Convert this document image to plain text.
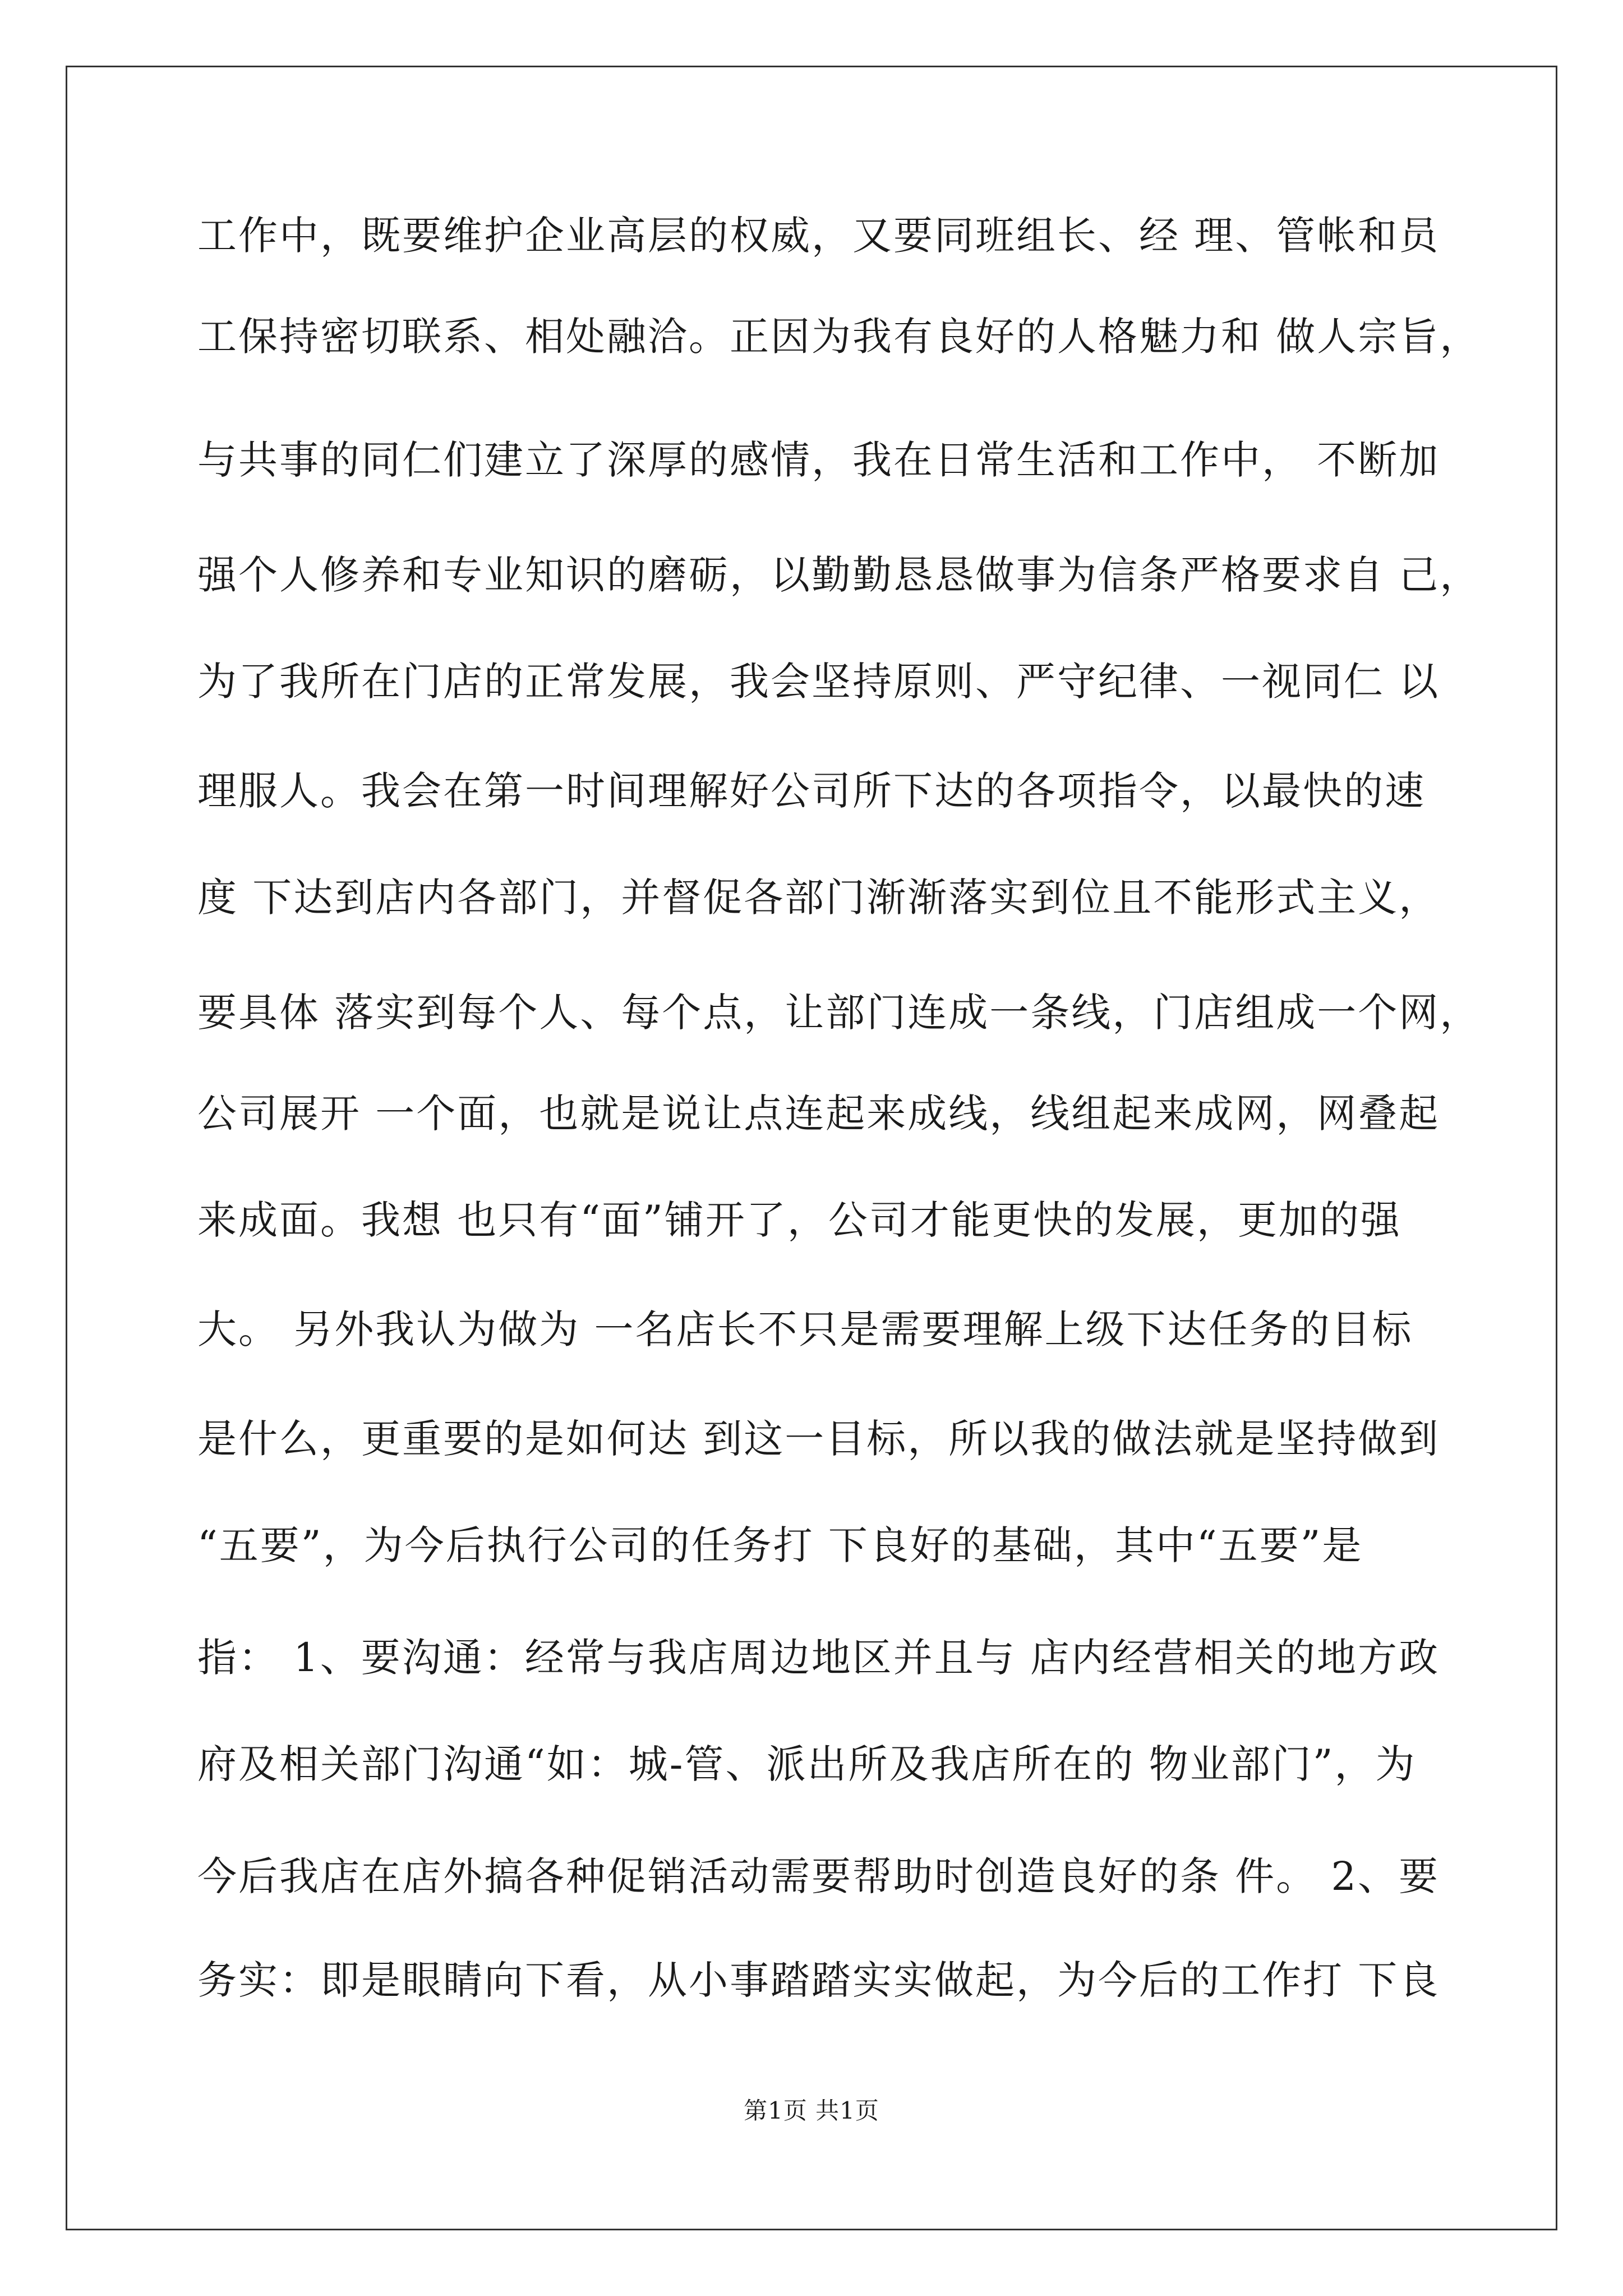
工作中，既要维护企业高层的权威，又要同班组长、经 理、管帐和员
工保持密切联系、相处融洽。正因为我有良好的人格魅力和 做人宗旨，
与共事的同仁们建立了深厚的感情，我在日常生活和工作中， 不断加
强个人修养和专业知识的磨砺，以勤勤恳恳做事为信条严格要求自 己，
为了我所在门店的正常发展，我会坚持原则、严守纪律、一视同仁 以
理服人。我会在第一时间理解好公司所下达的各项指令，以最快的速
度 下达到店内各部门，并督促各部门渐渐落实到位且不能形式主义，
要具体 落实到每个人、每个点，让部门连成一条线，门店组成一个网，
公司展开 一个面，也就是说让点连起来成线，线组起来成网，网叠起
来成面。我想 也只有“面”铺开了，公司才能更快的发展，更加的强
大。 另外我认为做为 一名店长不只是需要理解上级下达任务的目标
是什么，更重要的是如何达 到这一目标，所以我的做法就是坚持做到
“五要”，为今后执行公司的任务打 下良好的基础，其中“五要”是
指： 1、要沟通：经常与我店周边地区并且与 店内经营相关的地方政
府及相关部门沟通“如：城-管、派出所及我店所在的 物业部门”，为
今后我店在店外搞各种促销活动需要帮助时创造良好的条 件。 2、要
务实：即是眼睛向下看，从小事踏踏实实做起，为今后的工作打 下良
第1页 共1页
